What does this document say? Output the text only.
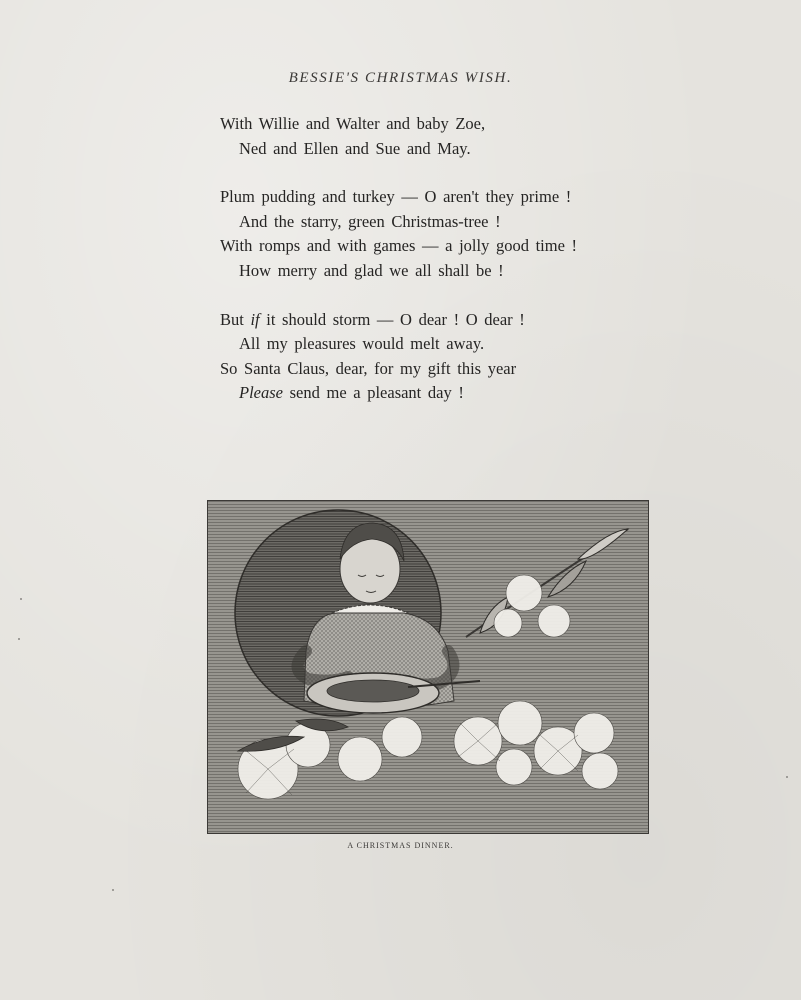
BESSIE'S CHRISTMAS WISH.
With Willie and Walter and baby Zoe,
Ned and Ellen and Sue and May.
Plum pudding and turkey — O aren't they prime !
And the starry, green Christmas-tree !
With romps and with games — a jolly good time !
How merry and glad we all shall be !
But if it should storm — O dear ! O dear !
All my pleasures would melt away.
So Santa Claus, dear, for my gift this year
Please send me a pleasant day !
A CHRISTMAS DINNER.
